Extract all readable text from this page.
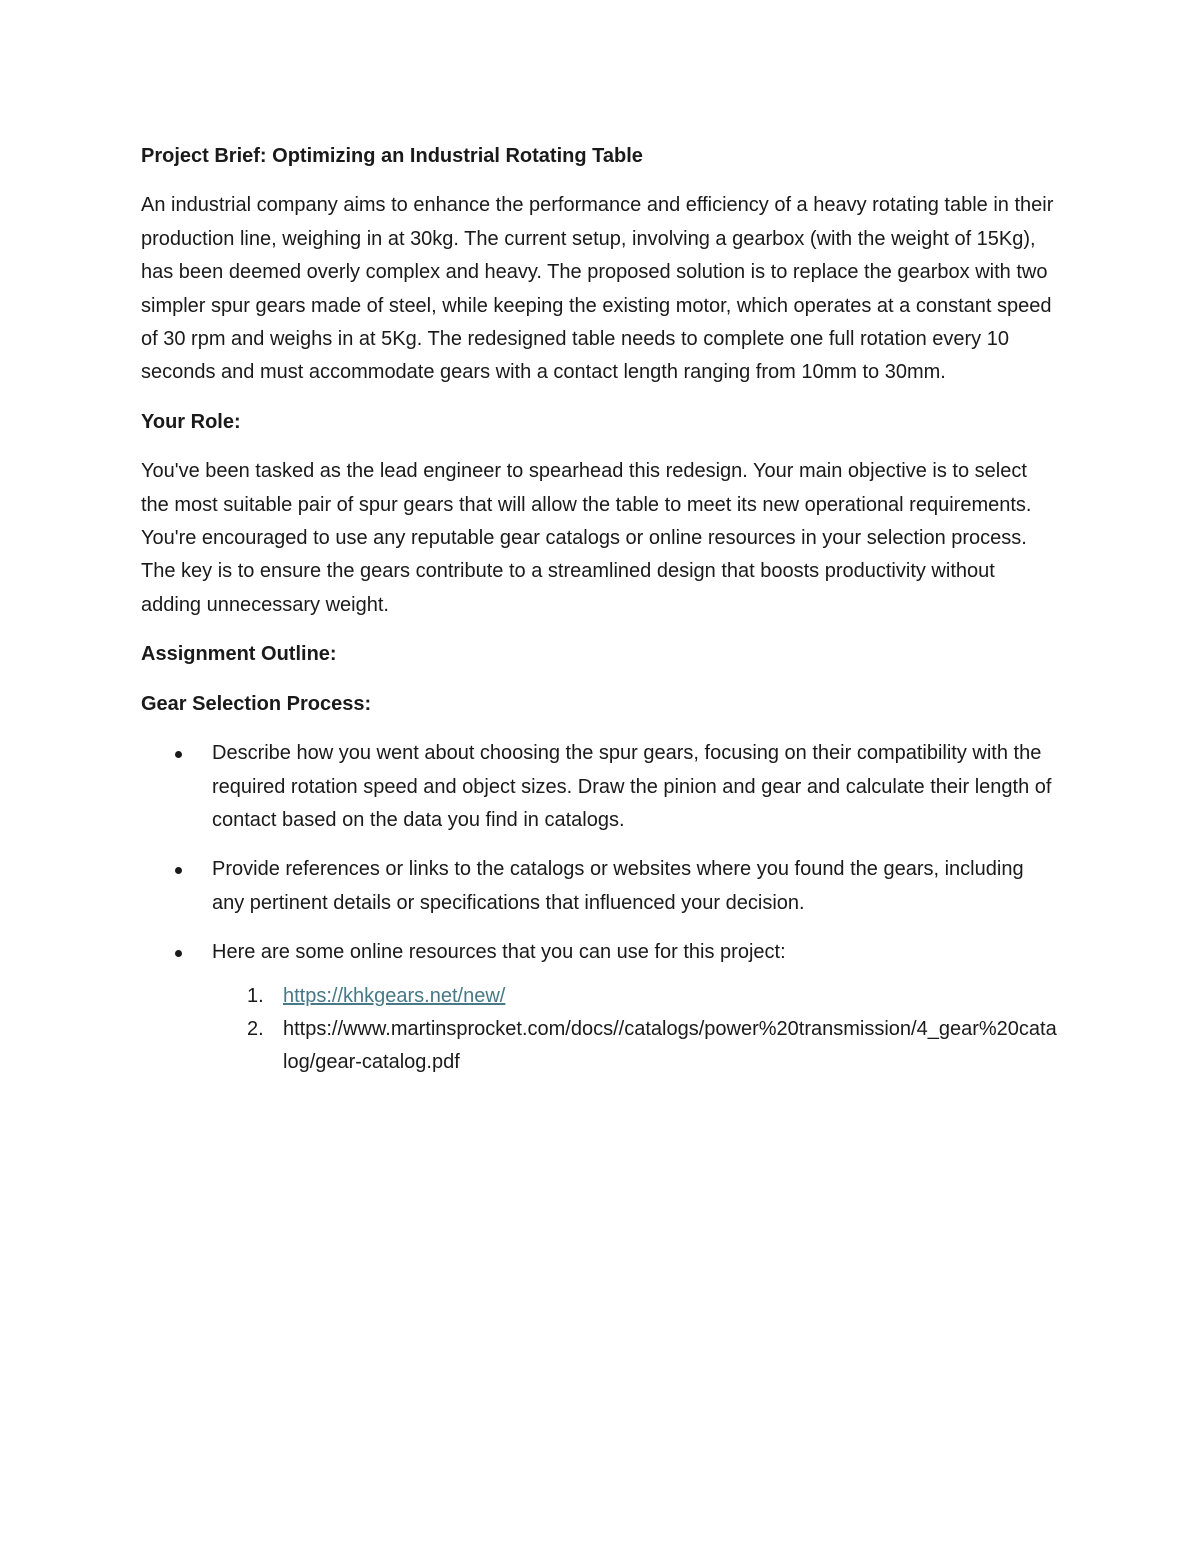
Project Brief: Optimizing an Industrial Rotating Table

An industrial company aims to enhance the performance and efficiency of a heavy rotating table in their production line, weighing in at 30kg. The current setup, involving a gearbox (with the weight of 15Kg), has been deemed overly complex and heavy. The proposed solution is to replace the gearbox with two simpler spur gears made of steel, while keeping the existing motor, which operates at a constant speed of 30 rpm and weighs in at 5Kg. The redesigned table needs to complete one full rotation every 10 seconds and must accommodate gears with a contact length ranging from 10mm to 30mm.

Your Role:

You've been tasked as the lead engineer to spearhead this redesign. Your main objective is to select the most suitable pair of spur gears that will allow the table to meet its new operational requirements. You're encouraged to use any reputable gear catalogs or online resources in your selection process. The key is to ensure the gears contribute to a streamlined design that boosts productivity without adding unnecessary weight.

Assignment Outline:

Gear Selection Process:

Describe how you went about choosing the spur gears, focusing on their compatibility with the required rotation speed and object sizes. Draw the pinion and gear and calculate their length of contact based on the data you find in catalogs.
Provide references or links to the catalogs or websites where you found the gears, including any pertinent details or specifications that influenced your decision.
Here are some online resources that you can use for this project:
1. https://khkgears.net/new/
2. https://www.martinsprocket.com/docs//catalogs/power%20transmission/4_gear%20catalog/gear-catalog.pdf
